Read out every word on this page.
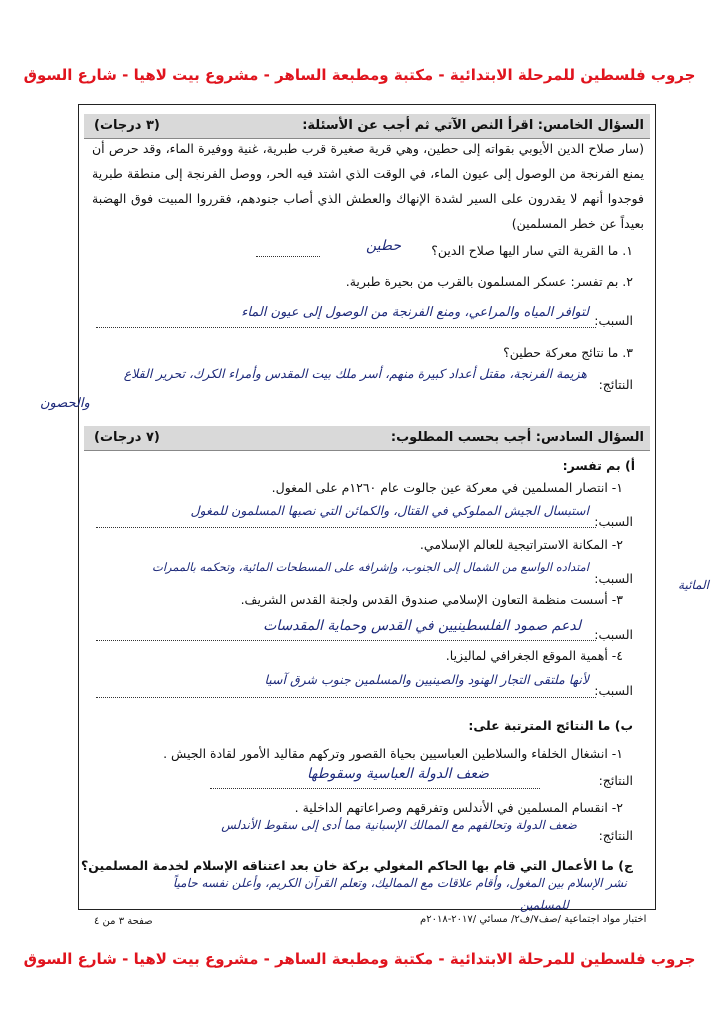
جروب فلسطين للمرحلة الابتدائية - مكتبة ومطبعة الساهر - مشروع بيت لاهيا - شارع السوق
السؤال الخامس: اقرأ النص الآتي ثم أجب عن الأسئلة:
(٣ درجات)
(سار صلاح الدين الأيوبي بقواته إلى حطين، وهي قرية صغيرة قرب طبرية، غنية ووفيرة الماء، وقد حرص أن يمنع الفرنجة من الوصول إلى عيون الماء، في الوقت الذي اشتد فيه الحر، ووصل الفرنجة إلى منطقة طبرية فوجدوا أنهم لا يقدرون على السير لشدة الإنهاك والعطش الذي أصاب جنودهم، فقرروا المبيت فوق الهضبة بعيداً عن خطر المسلمين)
١. ما القرية التي سار اليها صلاح الدين؟
حطين
٢. بم تفسر: عسكر المسلمون بالقرب من بحيرة طبرية.
السبب:
لتوافر المياه والمراعي، ومنع الفرنجة من الوصول إلى عيون الماء
٣. ما نتائج معركة حطين؟
النتائج:
هزيمة الفرنجة، مقتل أعداد كبيرة منهم، أسر ملك بيت المقدس وأمراء الكرك، تحرير القلاع
والحصون
السؤال السادس: أجب بحسب المطلوب:
(٧ درجات)
أ) بم تفسر:
١- انتصار المسلمين في معركة عين جالوت عام ١٢٦٠م على المغول.
السبب:
استبسال الجيش المملوكي في القتال، والكمائن التي نصبها المسلمون للمغول
٢- المكانة الاستراتيجية للعالم الإسلامي.
السبب:
امتداده الواسع من الشمال إلى الجنوب، وإشرافه على المسطحات المائية، وتحكمه بالممرات
المائية
٣- أسست منظمة التعاون الإسلامي صندوق القدس ولجنة القدس الشريف.
السبب:
لدعم صمود الفلسطينيين في القدس وحماية المقدسات
٤- أهمية الموقع الجغرافي لماليزيا.
السبب:
لأنها ملتقى التجار الهنود والصينيين والمسلمين جنوب شرق آسيا
ب) ما النتائج المترتبة على:
١- انشغال الخلفاء والسلاطين العباسيين بحياة القصور وتركهم مقاليد الأمور لقادة الجيش .
النتائج:
ضعف الدولة العباسية وسقوطها
٢- انقسام المسلمين في الأندلس وتفرقهم وصراعاتهم الداخلية .
النتائج:
ضعف الدولة وتحالفهم مع الممالك الإسبانية مما أدى إلى سقوط الأندلس
ج) ما الأعمال التي قام بها الحاكم المغولي بركة خان بعد اعتناقه الإسلام لخدمة المسلمين؟
نشر الإسلام بين المغول، وأقام علاقات مع المماليك، وتعلم القرآن الكريم، وأعلن نفسه حامياً
للمسلمين
اختبار مواد اجتماعية /صف٧/ف٢/ مسائي /٢٠١٧-٢٠١٨م
صفحة ٣ من ٤
جروب فلسطين للمرحلة الابتدائية - مكتبة ومطبعة الساهر - مشروع بيت لاهيا - شارع السوق
